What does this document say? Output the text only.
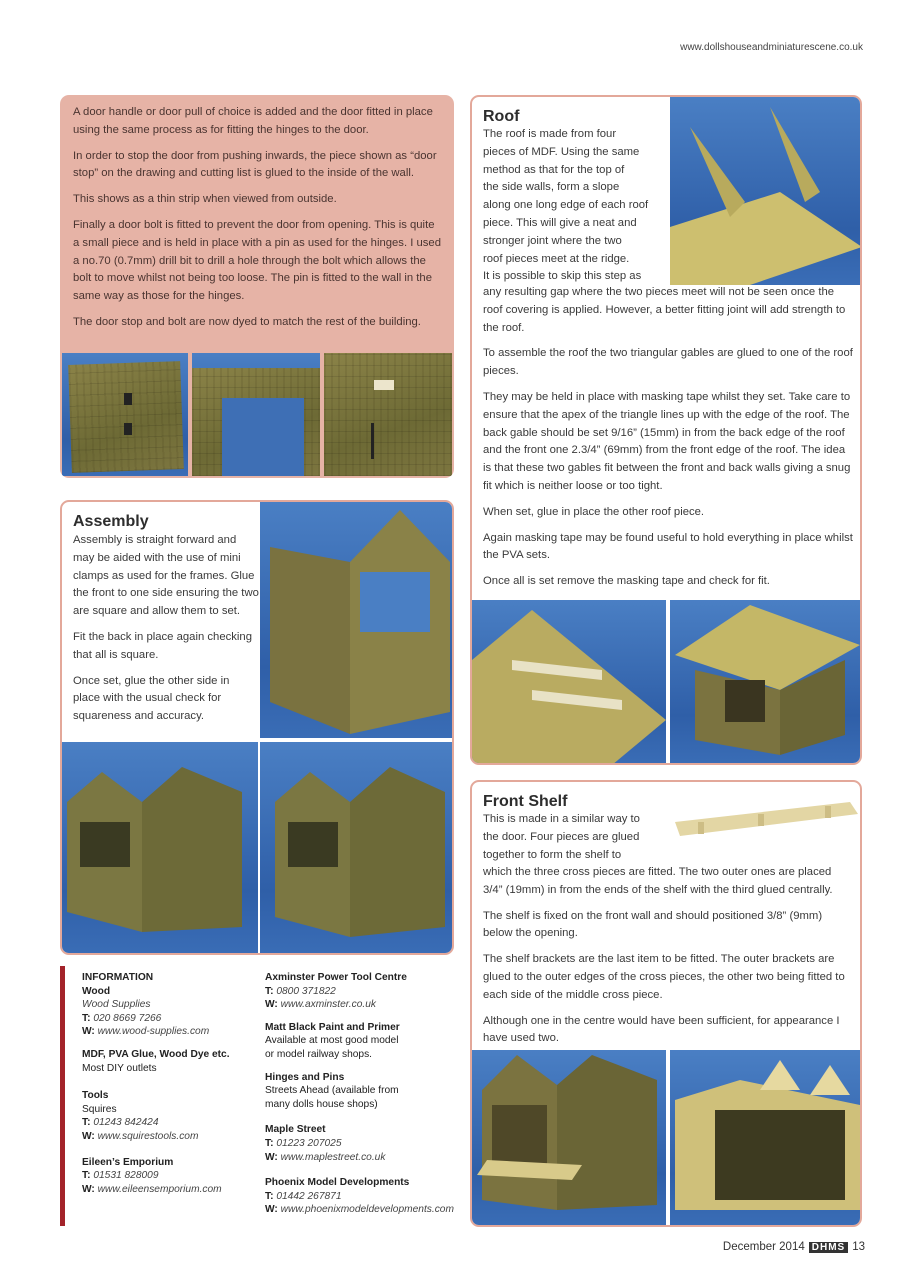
www.dollshouseandminiaturescene.co.uk

A door handle or door pull of choice is added and the door fitted in place using the same process as for fitting the hinges to the door.

In order to stop the door from pushing inwards, the piece shown as “door stop” on the drawing and cutting list is glued to the inside of the wall.

This shows as a thin strip when viewed from outside.

Finally a door bolt is fitted to prevent the door from opening. This is quite a small piece and is held in place with a pin as used for the hinges. I used a no.70 (0.7mm) drill bit to drill a hole through the bolt which allows the bolt to move whilst not being too loose. The pin is fitted to the wall in the same way as those for the hinges.

The door stop and bolt are now dyed to match the rest of the building.

Assembly

Assembly is straight forward and may be aided with the use of mini clamps as used for the frames. Glue the front to one side ensuring the two are square and allow them to set.

Fit the back in place again checking that all is square.

Once set, glue the other side in place with the usual check for squareness and accuracy.

Roof

The roof is made from four

pieces of MDF. Using the same

method as that for the top of

the side walls, form a slope

along one long edge of each roof

piece. This will give a neat and

stronger joint where the two

roof pieces meet at the ridge.

It is possible to skip this step as

any resulting gap where the two pieces meet will not be seen once the roof covering is applied. However, a better fitting joint will add strength to the roof.

To assemble the roof the two triangular gables are glued to one of the roof pieces.

They may be held in place with masking tape whilst they set. Take care to ensure that the apex of the triangle lines up with the edge of the roof. The back gable should be set 9/16” (15mm) in from the back edge of the roof and the front one 2.3/4” (69mm) from the front edge of the roof. The idea is that these two gables fit between the front and back walls giving a snug fit which is neither loose or too tight.

When set, glue in place the other roof piece.

Again masking tape may be found useful to hold everything in place whilst the PVA sets.

Once all is set remove the masking tape and check for fit.

Front Shelf

This is made in a similar way to

the door. Four pieces are glued

together to form the shelf to

which the three cross pieces are fitted. The two outer ones are placed 3/4” (19mm) in from the ends of the shelf with the third glued centrally.

The shelf is fixed on the front wall and should positioned 3/8” (9mm) below the opening.

The shelf brackets are the last item to be fitted. The outer brackets are glued to the outer edges of the cross pieces, the other two being fitted to each side of the middle cross piece.

Although one in the centre would have been sufficient, for appearance I have used two.

INFORMATION
Wood
Wood Supplies
T: 020 8669 7266
W: www.wood-supplies.com
MDF, PVA Glue, Wood Dye etc.
Most DIY outlets
Tools
Squires
T: 01243 842424
W: www.squirestools.com
Eileen’s Emporium
T: 01531 828009
W: www.eileensemporium.com
Axminster Power Tool Centre
T: 0800 371822
W: www.axminster.co.uk
Matt Black Paint and Primer
Available at most good model
or model railway shops.
Hinges and Pins
Streets Ahead (available from
many dolls house shops)
Maple Street
T: 01223 207025
W: www.maplestreet.co.uk
Phoenix Model Developments
T: 01442 267871
W: www.phoenixmodeldevelopments.com
December 2014 DHMS 13
